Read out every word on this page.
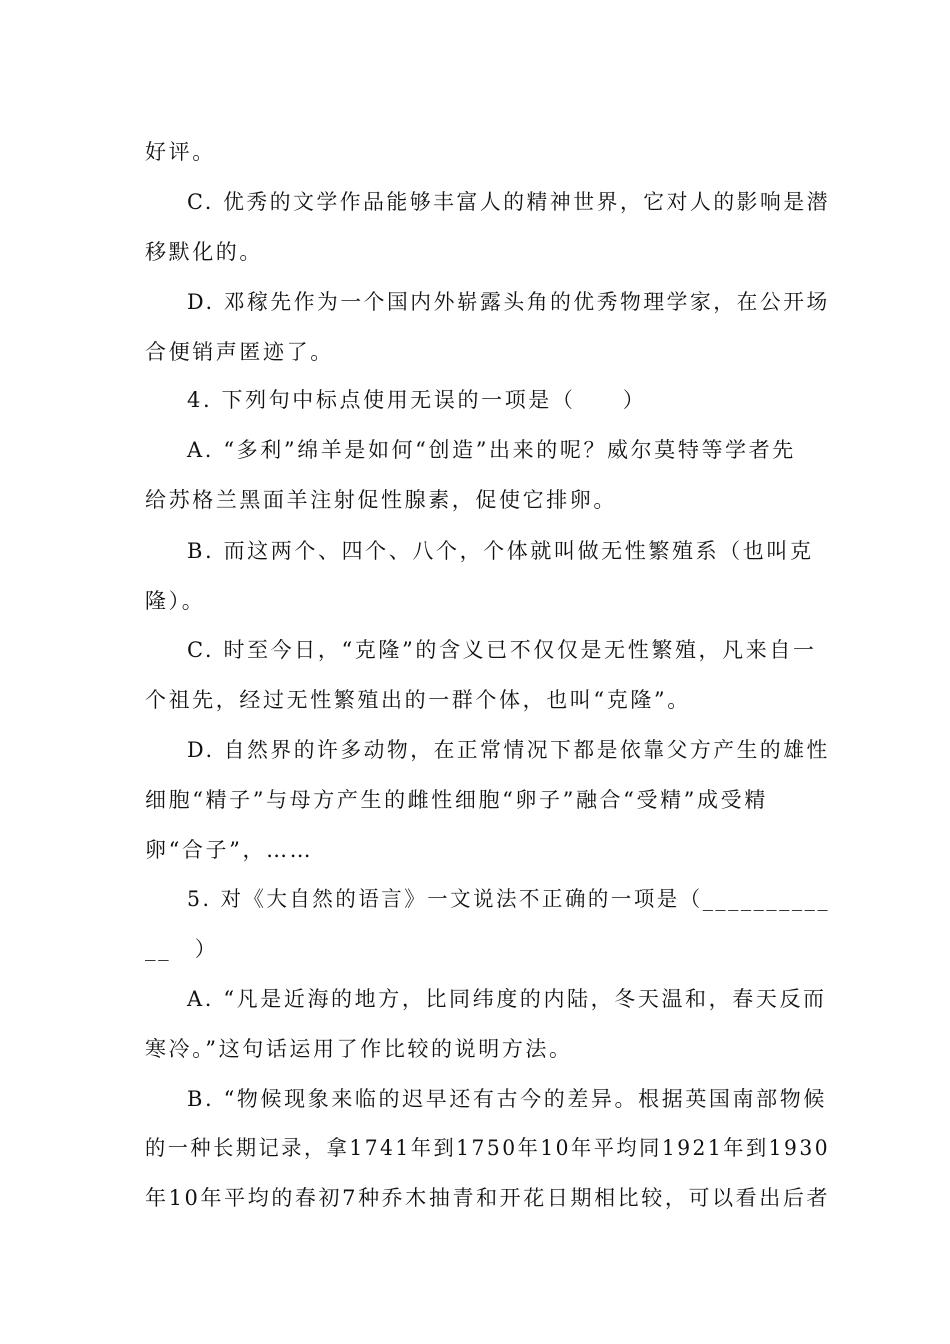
好评。
C. 优秀的文学作品能够丰富人的精神世界，它对人的影响是潜
移默化的。
D. 邓稼先作为一个国内外崭露头角的优秀物理学家，在公开场
合便销声匿迹了。
4. 下列句中标点使用无误的一项是（　　）
A. “多利”绵羊是如何“创造”出来的呢？威尔莫特等学者先
给苏格兰黑面羊注射促性腺素，促使它排卵。
B. 而这两个、四个、八个，个体就叫做无性繁殖系（也叫克
隆）。
C. 时至今日，“克隆”的含义已不仅仅是无性繁殖，凡来自一
个祖先，经过无性繁殖出的一群个体，也叫“克隆”。
D. 自然界的许多动物，在正常情况下都是依靠父方产生的雄性
细胞“精子”与母方产生的雌性细胞“卵子”融合“受精”成受精
卵“合子”，……
5. 对《大自然的语言》一文说法不正确的一项是（__________
__　）
A. “凡是近海的地方，比同纬度的内陆，冬天温和，春天反而
寒冷。”这句话运用了作比较的说明方法。
B. “物候现象来临的迟早还有古今的差异。根据英国南部物候
的一种长期记录，拿1741年到1750年10年平均同1921年到1930
年10年平均的春初7种乔木抽青和开花日期相比较，可以看出后者
